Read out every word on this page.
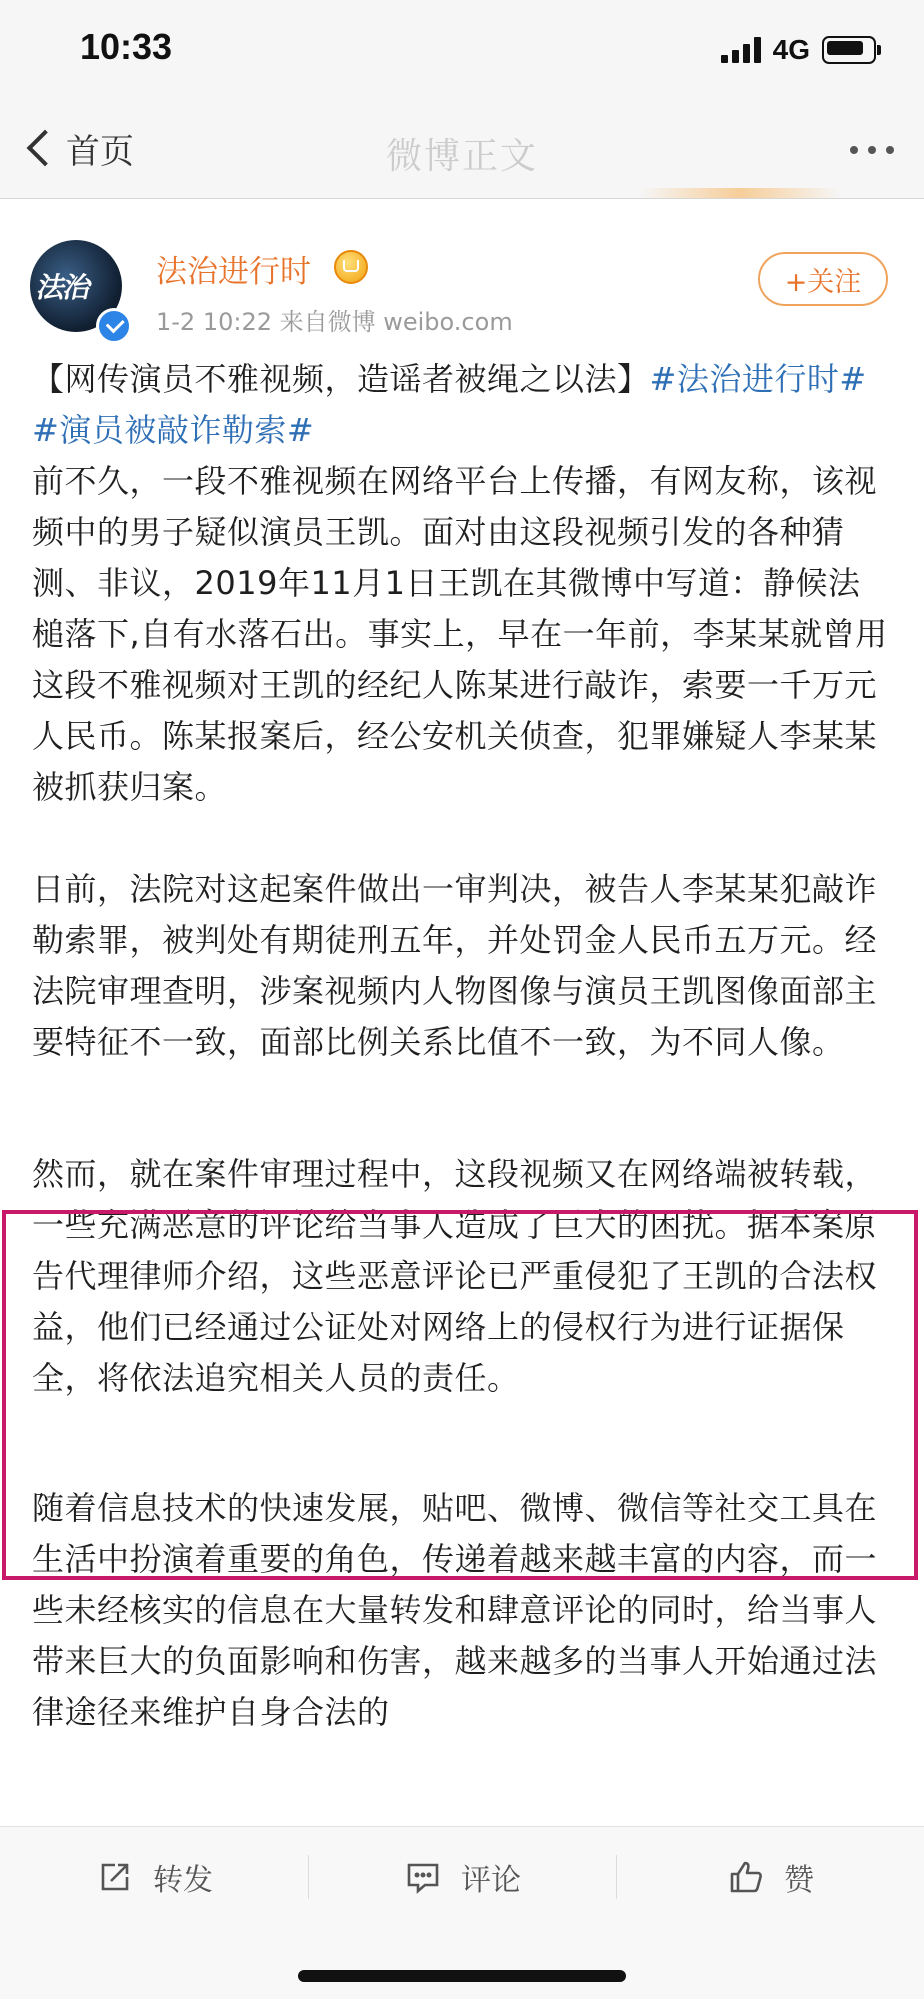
10:33	4G
首页	微博正文
法治 法治进行时
1-2 10:22 来自微博 weibo.com
+关注

【网传演员不雅视频，造谣者被绳之以法】#法治进行时# #演员被敲诈勒索#

前不久，一段不雅视频在网络平台上传播，有网友称，该视频中的男子疑似演员王凯。面对由这段视频引发的各种猜测、非议，2019年11月1日王凯在其微博中写道：静候法槌落下,自有水落石出。事实上，早在一年前，李某某就曾用这段不雅视频对王凯的经纪人陈某进行敲诈，索要一千万元人民币。陈某报案后，经公安机关侦查，犯罪嫌疑人李某某被抓获归案。

日前，法院对这起案件做出一审判决，被告人李某某犯敲诈勒索罪，被判处有期徒刑五年，并处罚金人民币五万元。经法院审理查明，涉案视频内人物图像与演员王凯图像面部主要特征不一致，面部比例关系比值不一致，为不同人像。

然而，就在案件审理过程中，这段视频又在网络端被转载，一些充满恶意的评论给当事人造成了巨大的困扰。据本案原告代理律师介绍，这些恶意评论已严重侵犯了王凯的合法权益，他们已经通过公证处对网络上的侵权行为进行证据保全，将依法追究相关人员的责任。

随着信息技术的快速发展，贴吧、微博、微信等社交工具在生活中扮演着重要的角色，传递着越来越丰富的内容，而一些未经核实的信息在大量转发和肆意评论的同时，给当事人带来巨大的负面影响和伤害，越来越多的当事人开始通过法律途径来维护自身合法的

转发	评论	赞
